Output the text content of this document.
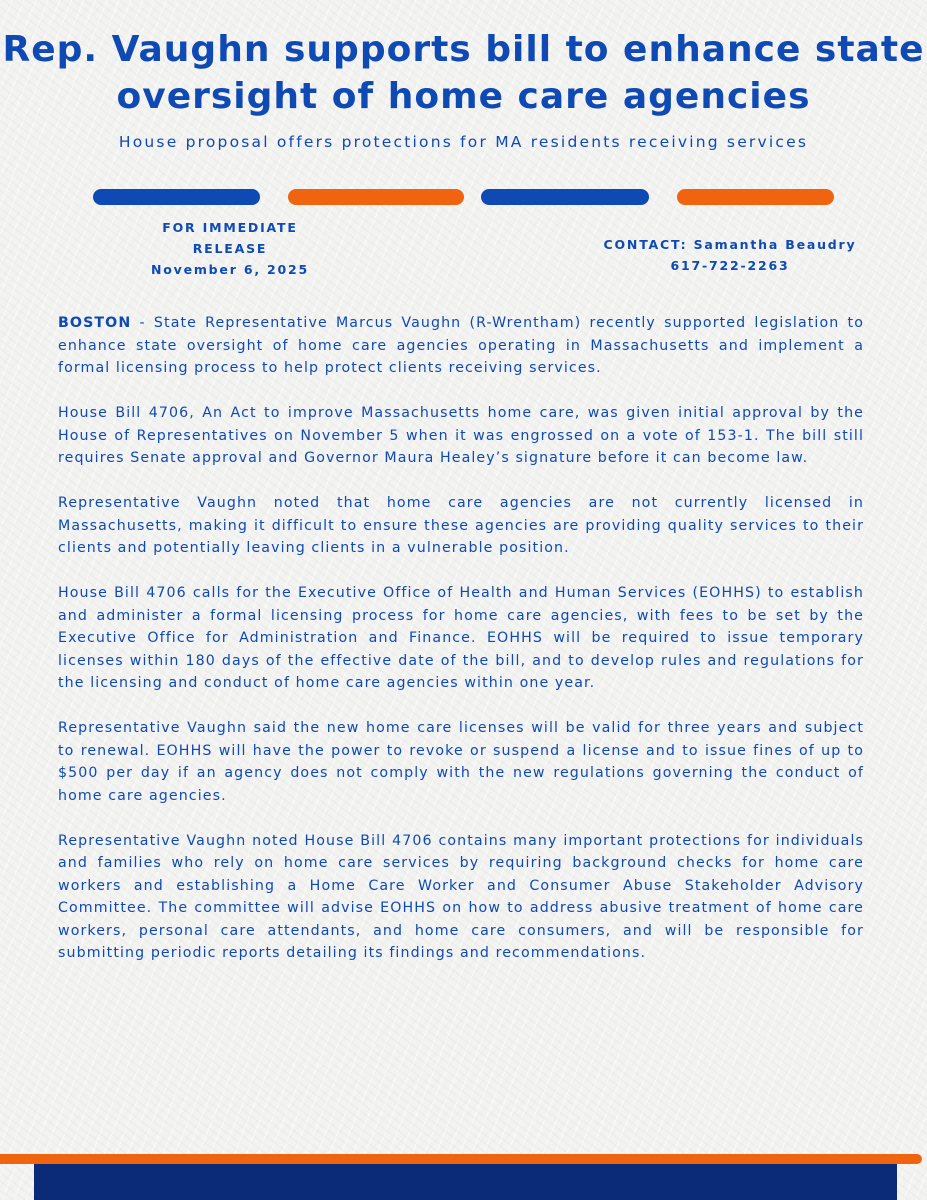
Rep. Vaughn supports bill to enhance state oversight of home care agencies

House proposal offers protections for MA residents receiving services

FOR IMMEDIATE RELEASE
November 6, 2025
CONTACT: Samantha Beaudry 617-722-2263

BOSTON - State Representative Marcus Vaughn (R-Wrentham) recently supported legislation to enhance state oversight of home care agencies operating in Massachusetts and implement a formal licensing process to help protect clients receiving services.

House Bill 4706, An Act to improve Massachusetts home care, was given initial approval by the House of Representatives on November 5 when it was engrossed on a vote of 153-1. The bill still requires Senate approval and Governor Maura Healey’s signature before it can become law.

Representative Vaughn noted that home care agencies are not currently licensed in Massachusetts, making it difficult to ensure these agencies are providing quality services to their clients and potentially leaving clients in a vulnerable position.

House Bill 4706 calls for the Executive Office of Health and Human Services (EOHHS) to establish and administer a formal licensing process for home care agencies, with fees to be set by the Executive Office for Administration and Finance. EOHHS will be required to issue temporary licenses within 180 days of the effective date of the bill, and to develop rules and regulations for the licensing and conduct of home care agencies within one year.

Representative Vaughn said the new home care licenses will be valid for three years and subject to renewal. EOHHS will have the power to revoke or suspend a license and to issue fines of up to $500 per day if an agency does not comply with the new regulations governing the conduct of home care agencies.

Representative Vaughn noted House Bill 4706 contains many important protections for individuals and families who rely on home care services by requiring background checks for home care workers and establishing a Home Care Worker and Consumer Abuse Stakeholder Advisory Committee. The committee will advise EOHHS on how to address abusive treatment of home care workers, personal care attendants, and home care consumers, and will be responsible for submitting periodic reports detailing its findings and recommendations.
